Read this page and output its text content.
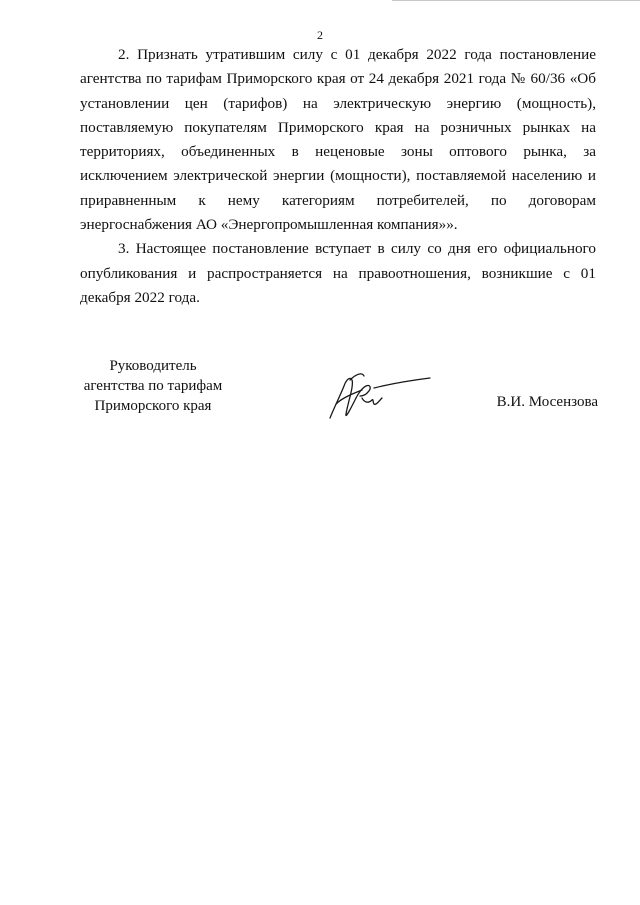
2

2. Признать утратившим силу с 01 декабря 2022 года постановление агентства по тарифам Приморского края от 24 декабря 2021 года № 60/36 «Об установлении цен (тарифов) на электрическую энергию (мощность), поставляемую покупателям Приморского края на розничных рынках на территориях, объединенных в неценовые зоны оптового рынка, за исключением электрической энергии (мощности), поставляемой населению и приравненным к нему категориям потребителей, по договорам энергоснабжения АО «Энергопромышленная компания»».

3. Настоящее постановление вступает в силу со дня его официального опубликования и распространяется на правоотношения, возникшие с 01 декабря 2022 года.

Руководитель
агентства по тарифам
Приморского края	В.И. Мосензова
